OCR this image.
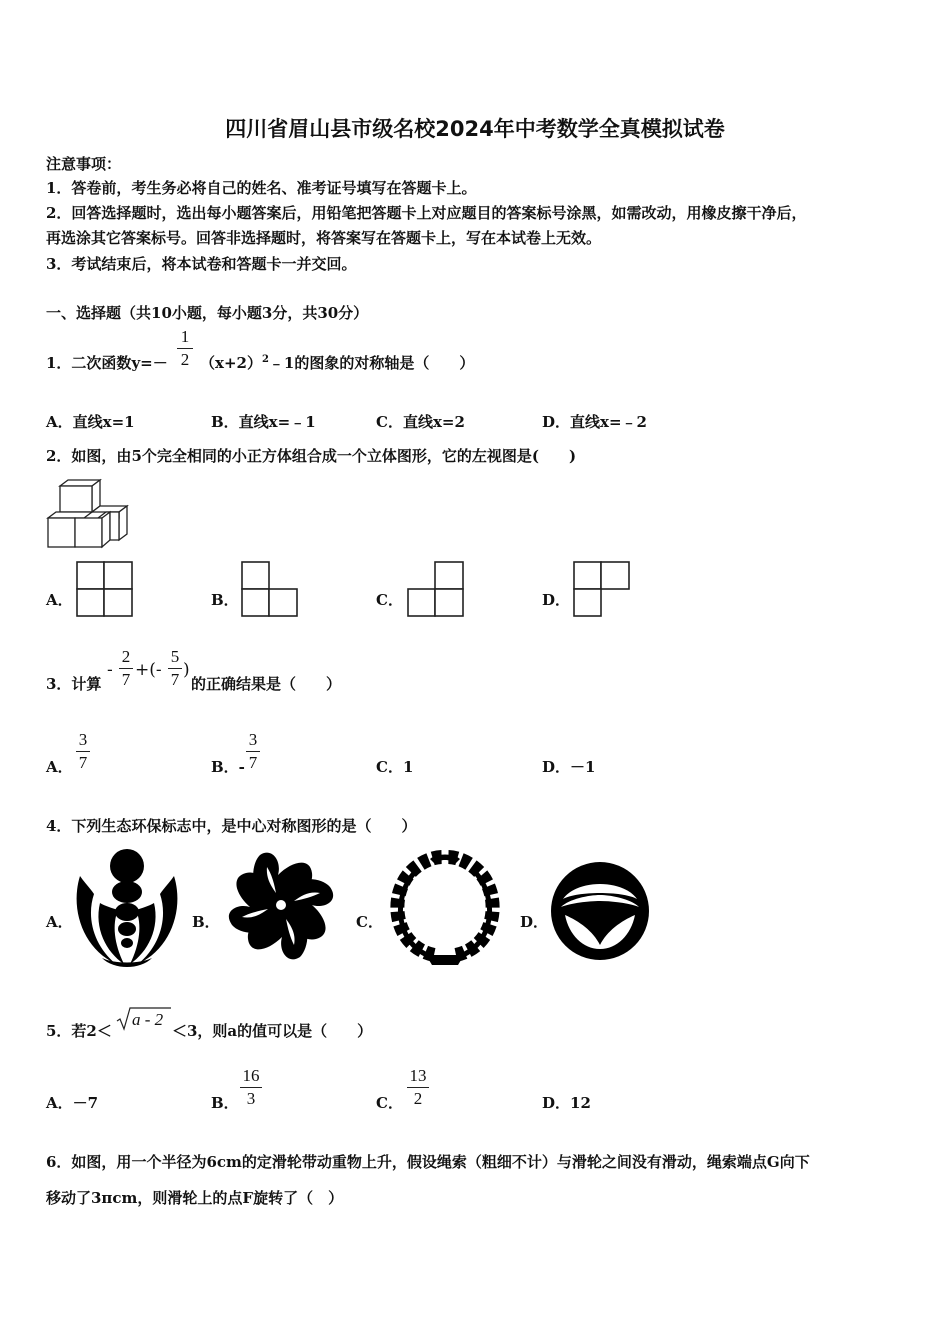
四川省眉山县市级名校2024年中考数学全真模拟试卷
注意事项：
1．答卷前，考生务必将自己的姓名、准考证号填写在答题卡上。
2．回答选择题时，选出每小题答案后，用铅笔把答题卡上对应题目的答案标号涂黑，如需改动，用橡皮擦干净后，
再选涂其它答案标号。回答非选择题时，将答案写在答题卡上，写在本试卷上无效。
3．考试结束后，将本试卷和答题卡一并交回。
一、选择题（共10小题，每小题3分，共30分）
1．二次函数y=－
1
2 $(x+2)^2﹣1$的图象的对称轴是（　　）
A．直线x=1	B．直线x=﹣1	C．直线x=2	D．直线x=﹣2
2．如图，由5个完全相同的小正方体组合成一个立体图形，它的左视图是(　　)
A．	B．	C．	D．
3．计算
-
2
7 +(-
5
7 )
的正确结果是（　　）
A．
3
7	B．-
3
7	C．1	D．－1
4．下列生态环保标志中，是中心对称图形的是（　　）
A．	B．	C．	D．
5．若2＜
a - 2
＜3，则a的值可以是（　　）
A．－7	B．
16
3	C．
13
2	D．12
6．如图，用一个半径为6cm的定滑轮带动重物上升，假设绳索（粗细不计）与滑轮之间没有滑动，绳索端点G向下
移动了3πcm，则滑轮上的点F旋转了（　）
